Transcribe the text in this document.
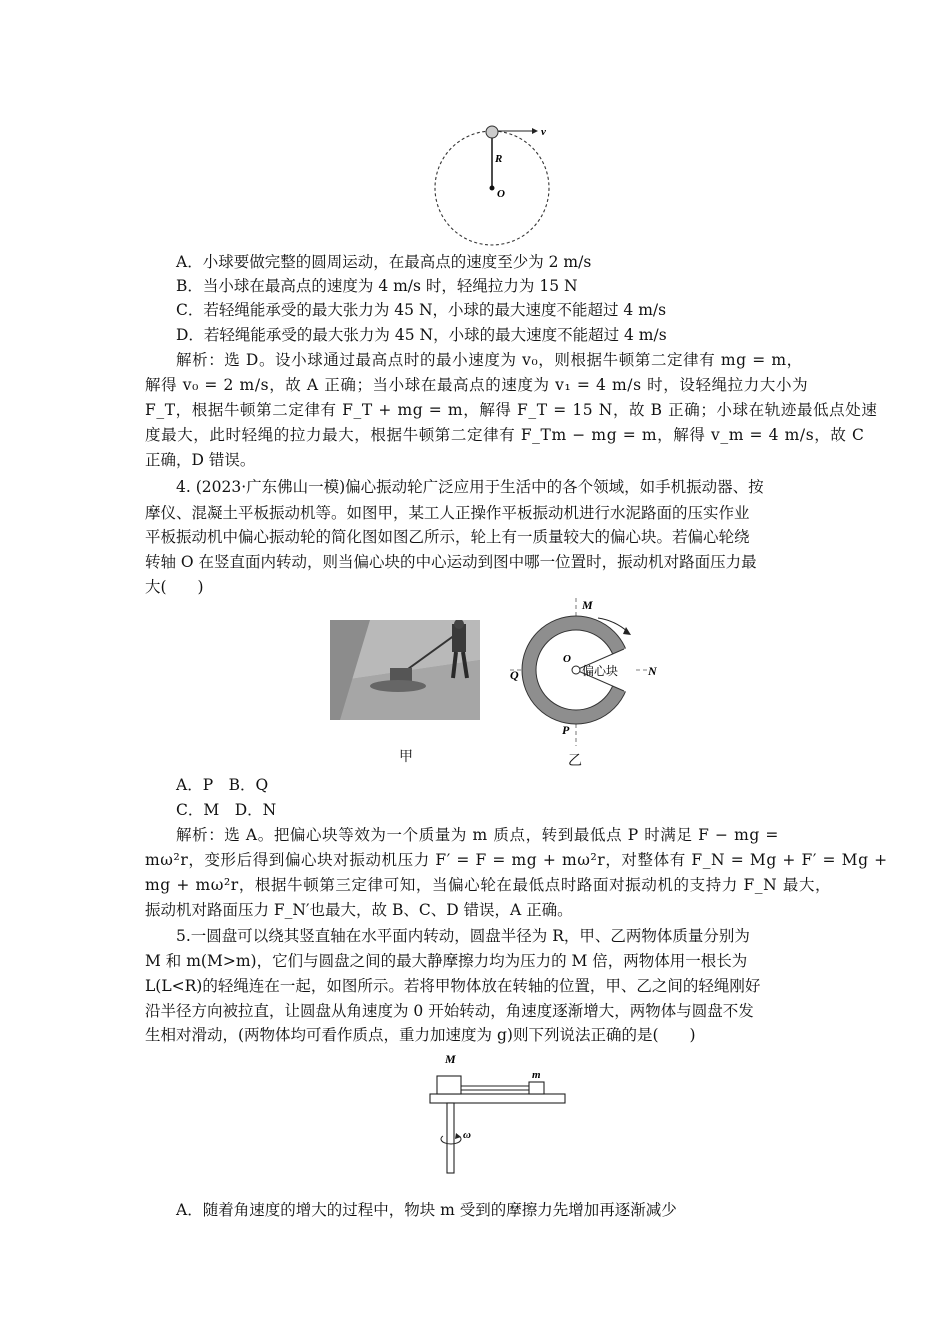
v
R
O
A．小球要做完整的圆周运动，在最高点的速度至少为 2 m/s
B．当小球在最高点的速度为 4 m/s 时，轻绳拉力为 15 N
C．若轻绳能承受的最大张力为 45 N，小球的最大速度不能超过 4 m/s
D．若轻绳能承受的最大张力为 45 N，小球的最大速度不能超过 4 m/s
解析：选 D。设小球通过最高点时的最小速度为 v₀，则根据牛顿第二定律有 mg = m，
解得 v₀ = 2 m/s，故 A 正确；当小球在最高点的速度为 v₁ = 4 m/s 时，设轻绳拉力大小为
F_T，根据牛顿第二定律有 F_T + mg = m，解得 F_T = 15 N，故 B 正确；小球在轨迹最低点处速
度最大，此时轻绳的拉力最大，根据牛顿第二定律有 F_Tm − mg = m，解得 v_m = 4 m/s，故 C
正确，D 错误。
4. (2023·广东佛山一模)偏心振动轮广泛应用于生活中的各个领域，如手机振动器、按
摩仪、混凝土平板振动机等。如图甲，某工人正操作平板振动机进行水泥路面的压实作业
平板振动机中偏心振动轮的简化图如图乙所示，轮上有一质量较大的偏心块。若偏心轮绕
转轴 O 在竖直面内转动，则当偏心块的中心运动到图中哪一位置时，振动机对路面压力最
大(　　)
M
N
Q
P
O
偏心块
甲	乙
A．P　B．Q
C．M　D．N
解析：选 A。把偏心块等效为一个质量为 m 质点，转到最低点 P 时满足 F − mg =
mω²r，变形后得到偏心块对振动机压力 F′ = F = mg + mω²r，对整体有 F_N = Mg + F′ = Mg +
mg + mω²r，根据牛顿第三定律可知，当偏心轮在最低点时路面对振动机的支持力 F_N 最大，
振动机对路面压力 F_N′也最大，故 B、C、D 错误，A 正确。
5.一圆盘可以绕其竖直轴在水平面内转动，圆盘半径为 R，甲、乙两物体质量分别为
M 和 m(M>m)，它们与圆盘之间的最大静摩擦力均为压力的 M 倍，两物体用一根长为
L(L<R)的轻绳连在一起，如图所示。若将甲物体放在转轴的位置，甲、乙之间的轻绳刚好
沿半径方向被拉直，让圆盘从角速度为 0 开始转动，角速度逐渐增大，两物体与圆盘不发
生相对滑动，(两物体均可看作质点，重力加速度为 g)则下列说法正确的是(　　)
M
m
ω
A．随着角速度的增大的过程中，物块 m 受到的摩擦力先增加再逐渐减少
